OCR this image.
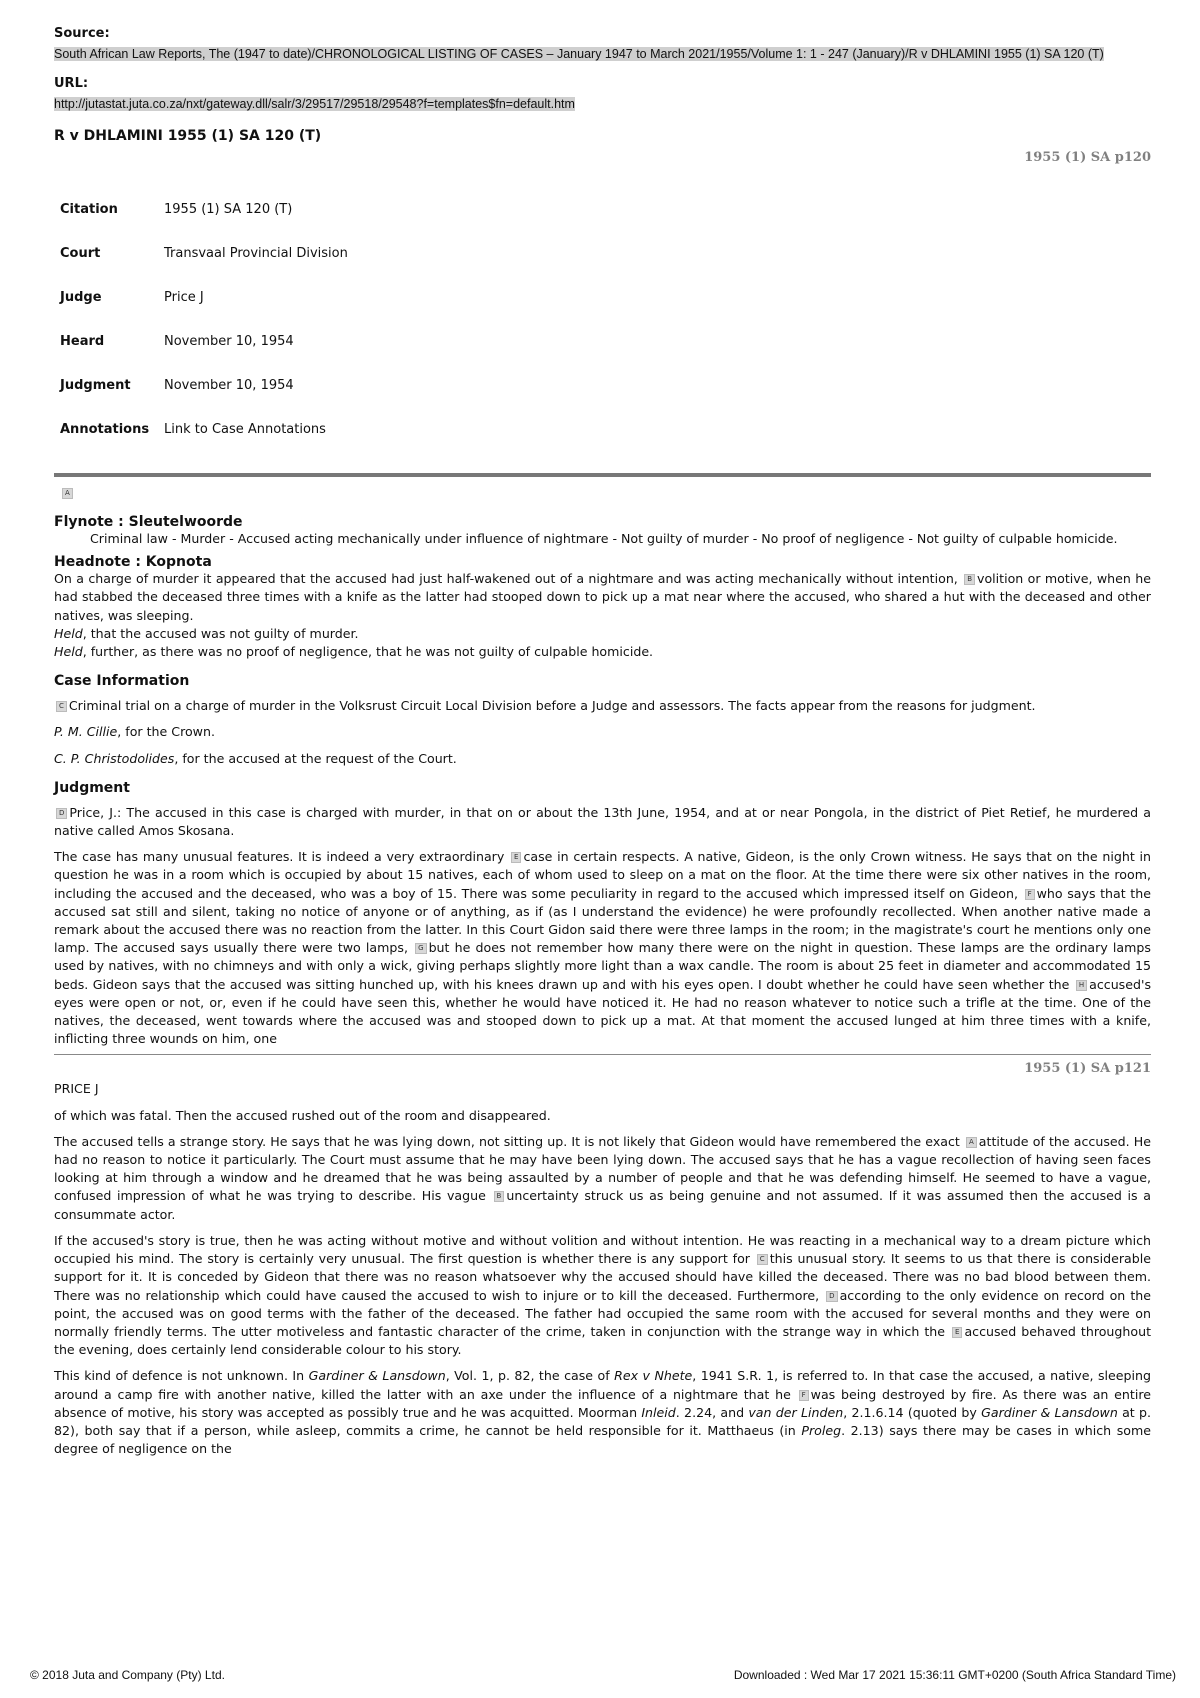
Source:
South African Law Reports, The (1947 to date)/CHRONOLOGICAL LISTING OF CASES – January 1947 to March 2021/1955/Volume 1: 1 - 247 (January)/R v DHLAMINI 1955 (1) SA 120 (T)
URL:
http://jutastat.juta.co.za/nxt/gateway.dll/salr/3/29517/29518/29548?f=templates$fn=default.htm
R v DHLAMINI 1955 (1) SA 120 (T)
1955 (1) SA p120
Citation	1955 (1) SA 120 (T)
Court	Transvaal Provincial Division
Judge	Price J
Heard	November 10, 1954
Judgment	November 10, 1954
Annotations	Link to Case Annotations
A
Flynote : Sleutelwoorde

Criminal law - Murder - Accused acting mechanically under influence of nightmare - Not guilty of murder - No proof of negligence - Not guilty of culpable homicide.

Headnote : Kopnota

On a charge of murder it appeared that the accused had just half-wakened out of a nightmare and was acting mechanically without intention, B volition or motive, when he had stabbed the deceased three times with a knife as the latter had stooped down to pick up a mat near where the accused, who shared a hut with the deceased and other natives, was sleeping.
Held, that the accused was not guilty of murder.
Held, further, as there was no proof of negligence, that he was not guilty of culpable homicide.

Case Information

C Criminal trial on a charge of murder in the Volksrust Circuit Local Division before a Judge and assessors. The facts appear from the reasons for judgment.

P. M. Cillie, for the Crown.

C. P. Christodolides, for the accused at the request of the Court.

Judgment

D Price, J.: The accused in this case is charged with murder, in that on or about the 13th June, 1954, and at or near Pongola, in the district of Piet Retief, he murdered a native called Amos Skosana.

The case has many unusual features. It is indeed a very extraordinary E case in certain respects. A native, Gideon, is the only Crown witness. He says that on the night in question he was in a room which is occupied by about 15 natives, each of whom used to sleep on a mat on the floor. At the time there were six other natives in the room, including the accused and the deceased, who was a boy of 15. There was some peculiarity in regard to the accused which impressed itself on Gideon, F who says that the accused sat still and silent, taking no notice of anyone or of anything, as if (as I understand the evidence) he were profoundly recollected. When another native made a remark about the accused there was no reaction from the latter. In this Court Gidon said there were three lamps in the room; in the magistrate's court he mentions only one lamp. The accused says usually there were two lamps, G but he does not remember how many there were on the night in question. These lamps are the ordinary lamps used by natives, with no chimneys and with only a wick, giving perhaps slightly more light than a wax candle. The room is about 25 feet in diameter and accommodated 15 beds. Gideon says that the accused was sitting hunched up, with his knees drawn up and with his eyes open. I doubt whether he could have seen whether the H accused's eyes were open or not, or, even if he could have seen this, whether he would have noticed it. He had no reason whatever to notice such a trifle at the time. One of the natives, the deceased, went towards where the accused was and stooped down to pick up a mat. At that moment the accused lunged at him three times with a knife, inflicting three wounds on him, one

1955 (1) SA p121

PRICE J

of which was fatal. Then the accused rushed out of the room and disappeared.

The accused tells a strange story. He says that he was lying down, not sitting up. It is not likely that Gideon would have remembered the exact A attitude of the accused. He had no reason to notice it particularly. The Court must assume that he may have been lying down. The accused says that he has a vague recollection of having seen faces looking at him through a window and he dreamed that he was being assaulted by a number of people and that he was defending himself. He seemed to have a vague, confused impression of what he was trying to describe. His vague B uncertainty struck us as being genuine and not assumed. If it was assumed then the accused is a consummate actor.

If the accused's story is true, then he was acting without motive and without volition and without intention. He was reacting in a mechanical way to a dream picture which occupied his mind. The story is certainly very unusual. The first question is whether there is any support for C this unusual story. It seems to us that there is considerable support for it. It is conceded by Gideon that there was no reason whatsoever why the accused should have killed the deceased. There was no bad blood between them. There was no relationship which could have caused the accused to wish to injure or to kill the deceased. Furthermore, D according to the only evidence on record on the point, the accused was on good terms with the father of the deceased. The father had occupied the same room with the accused for several months and they were on normally friendly terms. The utter motiveless and fantastic character of the crime, taken in conjunction with the strange way in which the E accused behaved throughout the evening, does certainly lend considerable colour to his story.

This kind of defence is not unknown. In Gardiner & Lansdown, Vol. 1, p. 82, the case of Rex v Nhete, 1941 S.R. 1, is referred to. In that case the accused, a native, sleeping around a camp fire with another native, killed the latter with an axe under the influence of a nightmare that he F was being destroyed by fire. As there was an entire absence of motive, his story was accepted as possibly true and he was acquitted. Moorman Inleid. 2.24, and van der Linden, 2.1.6.14 (quoted by Gardiner & Lansdown at p. 82), both say that if a person, while asleep, commits a crime, he cannot be held responsible for it. Matthaeus (in Proleg. 2.13) says there may be cases in which some degree of negligence on the

© 2018 Juta and Company (Pty) Ltd.	Downloaded : Wed Mar 17 2021 15:36:11 GMT+0200 (South Africa Standard Time)
